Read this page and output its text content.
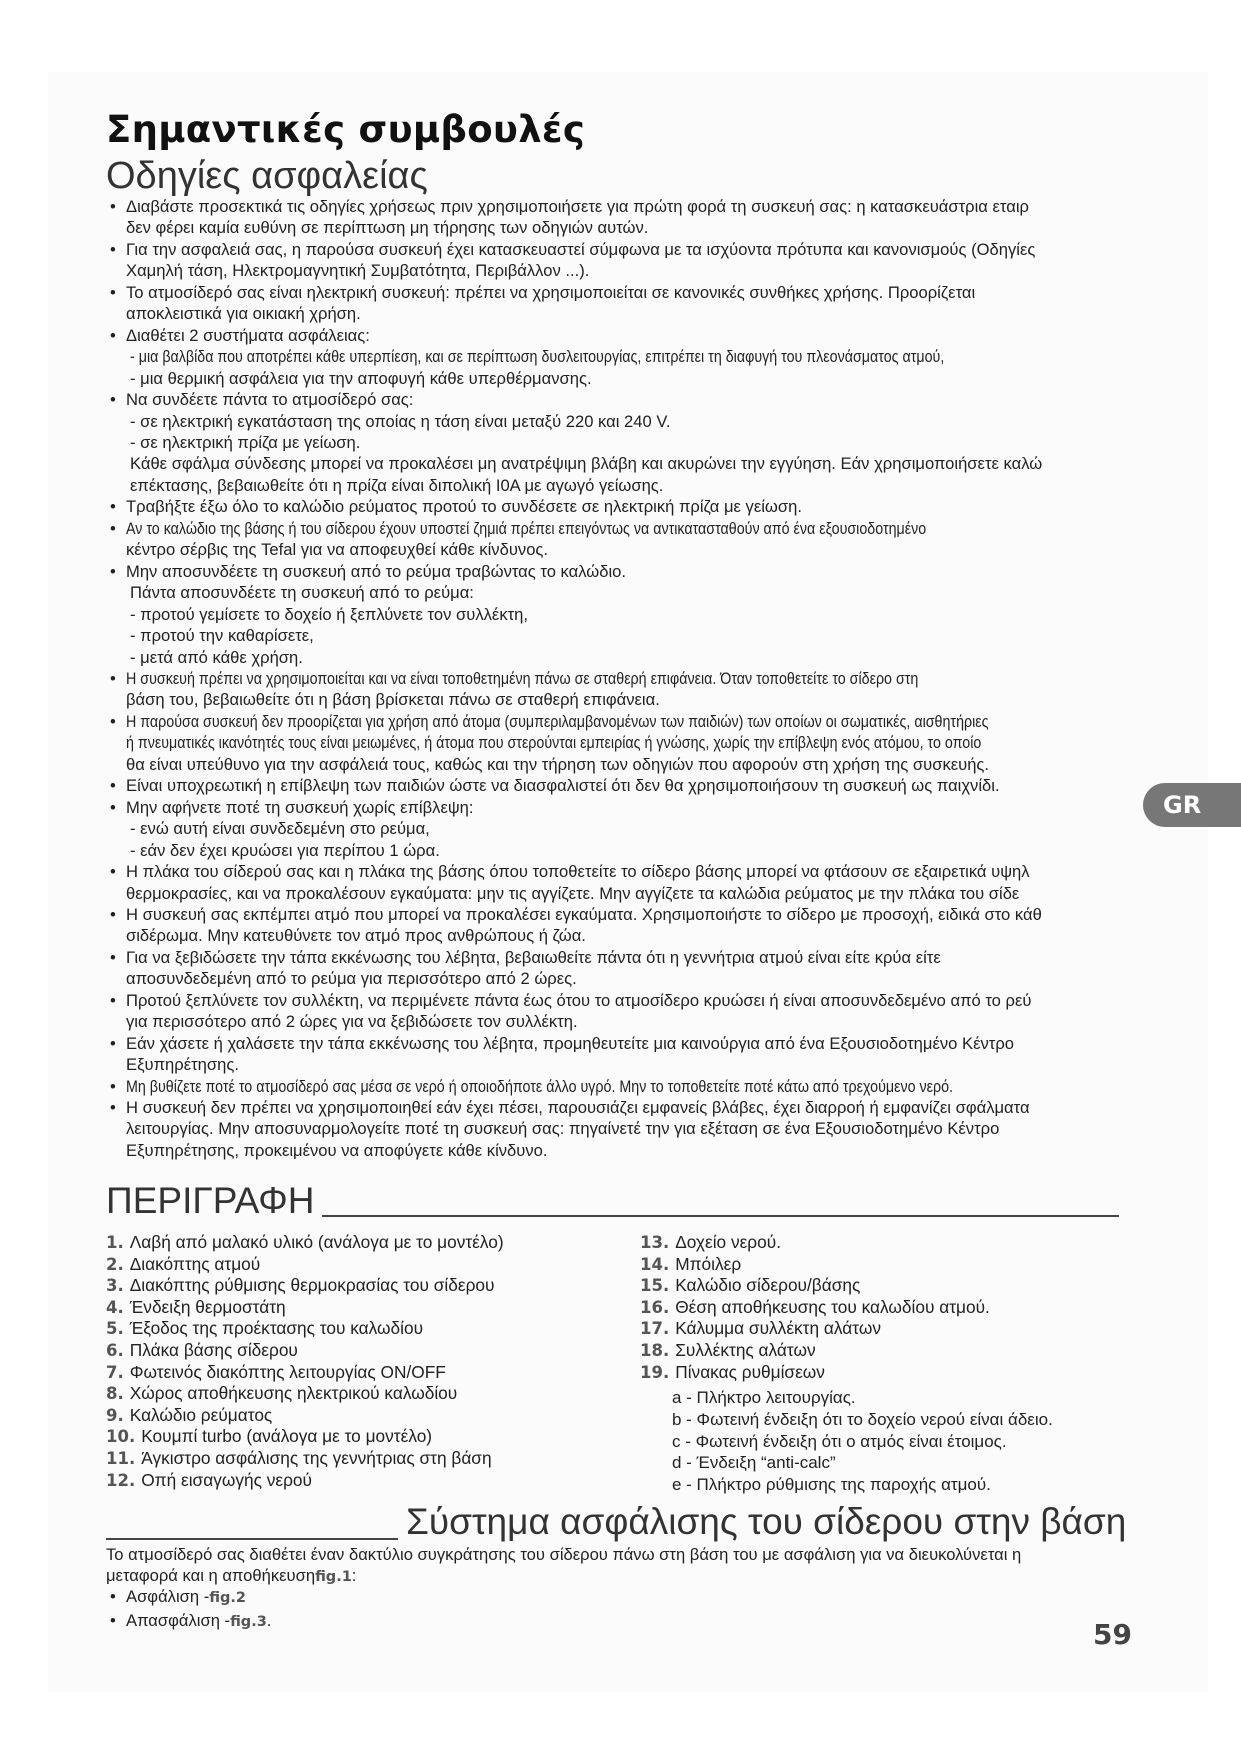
Σημαντικές συμβουλές
Οδηγίες ασφαλείας
• Διαβάστε προσεκτικά τις οδηγίες χρήσεως πριν χρησιμοποιήσετε για πρώτη φορά τη συσκευή σας: η κατασκευάστρια εταιρ
δεν φέρει καμία ευθύνη σε περίπτωση μη τήρησης των οδηγιών αυτών.
• Για την ασφαλειά σας, η παρούσα συσκευή έχει κατασκευαστεί σύμφωνα με τα ισχύοντα πρότυπα και κανονισμούς (Οδηγίες
Χαμηλή τάση, Ηλεκτρομαγνητική Συμβατότητα, Περιβάλλον ...).
• Το ατμοσίδερό σας είναι ηλεκτρική συσκευή: πρέπει να χρησιμοποιείται σε κανονικές συνθήκες χρήσης. Προορίζεται
αποκλειστικά για οικιακή χρήση.
• Διαθέτει 2 συστήματα ασφάλειας:
- μια βαλβίδα που αποτρέπει κάθε υπερπίεση, και σε περίπτωση δυσλειτουργίας, επιτρέπει τη διαφυγή του πλεονάσματος ατμού,
- μια θερμική ασφάλεια για την αποφυγή κάθε υπερθέρμανσης.
• Να συνδέετε πάντα το ατμοσίδερό σας:
- σε ηλεκτρική εγκατάσταση της οποίας η τάση είναι μεταξύ 220 και 240 V.
- σε ηλεκτρική πρίζα με γείωση.
Κάθε σφάλμα σύνδεσης μπορεί να προκαλέσει μη ανατρέψιμη βλάβη και ακυρώνει την εγγύηση. Εάν χρησιμοποιήσετε καλώ
επέκτασης, βεβαιωθείτε ότι η πρίζα είναι διπολική I0A με αγωγό γείωσης.
• Τραβήξτε έξω όλο το καλώδιο ρεύματος προτού το συνδέσετε σε ηλεκτρική πρίζα με γείωση.
• Αν το καλώδιο της βάσης ή του σίδερου έχουν υποστεί ζημιά πρέπει επειγόντως να αντικατασταθούν από ένα εξουσιοδοτημένο
κέντρο σέρβις της Tefal για να αποφευχθεί κάθε κίνδυνος.
• Μην αποσυνδέετε τη συσκευή από το ρεύμα τραβώντας το καλώδιο.
Πάντα αποσυνδέετε τη συσκευή από το ρεύμα:
- προτού γεμίσετε το δοχείο ή ξεπλύνετε τον συλλέκτη,
- προτού την καθαρίσετε,
- μετά από κάθε χρήση.
• Η συσκευή πρέπει να χρησιμοποιείται και να είναι τοποθετημένη πάνω σε σταθερή επιφάνεια. Όταν τοποθετείτε το σίδερο στη
βάση του, βεβαιωθείτε ότι η βάση βρίσκεται πάνω σε σταθερή επιφάνεια.
• Η παρούσα συσκευή δεν προορίζεται για χρήση από άτομα (συμπεριλαμβανομένων των παιδιών) των οποίων οι σωματικές, αισθητήριες
ή πνευματικές ικανότητές τους είναι μειωμένες, ή άτομα που στερούνται εμπειρίας ή γνώσης, χωρίς την επίβλεψη ενός ατόμου, το οποίο
θα είναι υπεύθυνο για την ασφάλειά τους, καθώς και την τήρηση των οδηγιών που αφορούν στη χρήση της συσκευής.
• Είναι υποχρεωτική η επίβλεψη των παιδιών ώστε να διασφαλιστεί ότι δεν θα χρησιμοποιήσουν τη συσκευή ως παιχνίδι.
• Μην αφήνετε ποτέ τη συσκευή χωρίς επίβλεψη:
- ενώ αυτή είναι συνδεδεμένη στο ρεύμα,
- εάν δεν έχει κρυώσει για περίπου 1 ώρα.
• Η πλάκα του σίδερού σας και η πλάκα της βάσης όπου τοποθετείτε το σίδερο βάσης μπορεί να φτάσουν σε εξαιρετικά υψηλ
θερμοκρασίες, και να προκαλέσουν εγκαύματα: μην τις αγγίζετε. Μην αγγίζετε τα καλώδια ρεύματος με την πλάκα του σίδε
• Η συσκευή σας εκπέμπει ατμό που μπορεί να προκαλέσει εγκαύματα. Χρησιμοποιήστε το σίδερο με προσοχή, ειδικά στο κάθ
σιδέρωμα. Μην κατευθύνετε τον ατμό προς ανθρώπους ή ζώα.
• Για να ξεβιδώσετε την τάπα εκκένωσης του λέβητα, βεβαιωθείτε πάντα ότι η γεννήτρια ατμού είναι είτε κρύα είτε
αποσυνδεδεμένη από το ρεύμα για περισσότερο από 2 ώρες.
• Προτού ξεπλύνετε τον συλλέκτη, να περιμένετε πάντα έως ότου το ατμοσίδερο κρυώσει ή είναι αποσυνδεδεμένο από το ρεύ
για περισσότερο από 2 ώρες για να ξεβιδώσετε τον συλλέκτη.
• Εάν χάσετε ή χαλάσετε την τάπα εκκένωσης του λέβητα, προμηθευτείτε μια καινούργια από ένα Εξουσιοδοτημένο Κέντρο
Εξυπηρέτησης.
• Μη βυθίζετε ποτέ το ατμοσίδερό σας μέσα σε νερό ή οποιοδήποτε άλλο υγρό. Μην το τοποθετείτε ποτέ κάτω από τρεχούμενο νερό.
• Η συσκευή δεν πρέπει να χρησιμοποιηθεί εάν έχει πέσει, παρουσιάζει εμφανείς βλάβες, έχει διαρροή ή εμφανίζει σφάλματα
λειτουργίας. Μην αποσυναρμολογείτε ποτέ τη συσκευή σας: πηγαίνετέ την για εξέταση σε ένα Εξουσιοδοτημένο Κέντρο
Εξυπηρέτησης, προκειμένου να αποφύγετε κάθε κίνδυνο.
GR
ΠΕΡΙΓΡΑΦΗ
1. Λαβή από μαλακό υλικό (ανάλογα με το μοντέλο)
2. Διακόπτης ατμού
3. Διακόπτης ρύθμισης θερμοκρασίας του σίδερου
4. Ένδειξη θερμοστάτη
5. Έξοδος της προέκτασης του καλωδίου
6. Πλάκα βάσης σίδερου
7. Φωτεινός διακόπτης λειτουργίας ON/OFF
8. Χώρος αποθήκευσης ηλεκτρικού καλωδίου
9. Καλώδιο ρεύματος
10. Κουμπί turbo (ανάλογα με το μοντέλο)
11. Άγκιστρο ασφάλισης της γεννήτριας στη βάση
12. Οπή εισαγωγής νερού
13. Δοχείο νερού.
14. Μπόιλερ
15. Καλώδιο σίδερου/βάσης
16. Θέση αποθήκευσης του καλωδίου ατμού.
17. Κάλυμμα συλλέκτη αλάτων
18. Συλλέκτης αλάτων
19. Πίνακας ρυθμίσεων
a - Πλήκτρο λειτουργίας.
b - Φωτεινή ένδειξη ότι το δοχείο νερού είναι άδειο.
c - Φωτεινή ένδειξη ότι ο ατμός είναι έτοιμος.
d - Ένδειξη “anti-calc”
e - Πλήκτρο ρύθμισης της παροχής ατμού.
Σύστημα ασφάλισης του σίδερου στην βάση

Το ατμοσίδερό σας διαθέτει έναν δακτύλιο συγκράτησης του σίδερου πάνω στη βάση του με ασφάλιση για να διευκολύνεται η
μεταφορά και η αποθήκευσηfig.1:

• Ασφάλιση -fig.2
• Απασφάλιση -fig.3.	59
